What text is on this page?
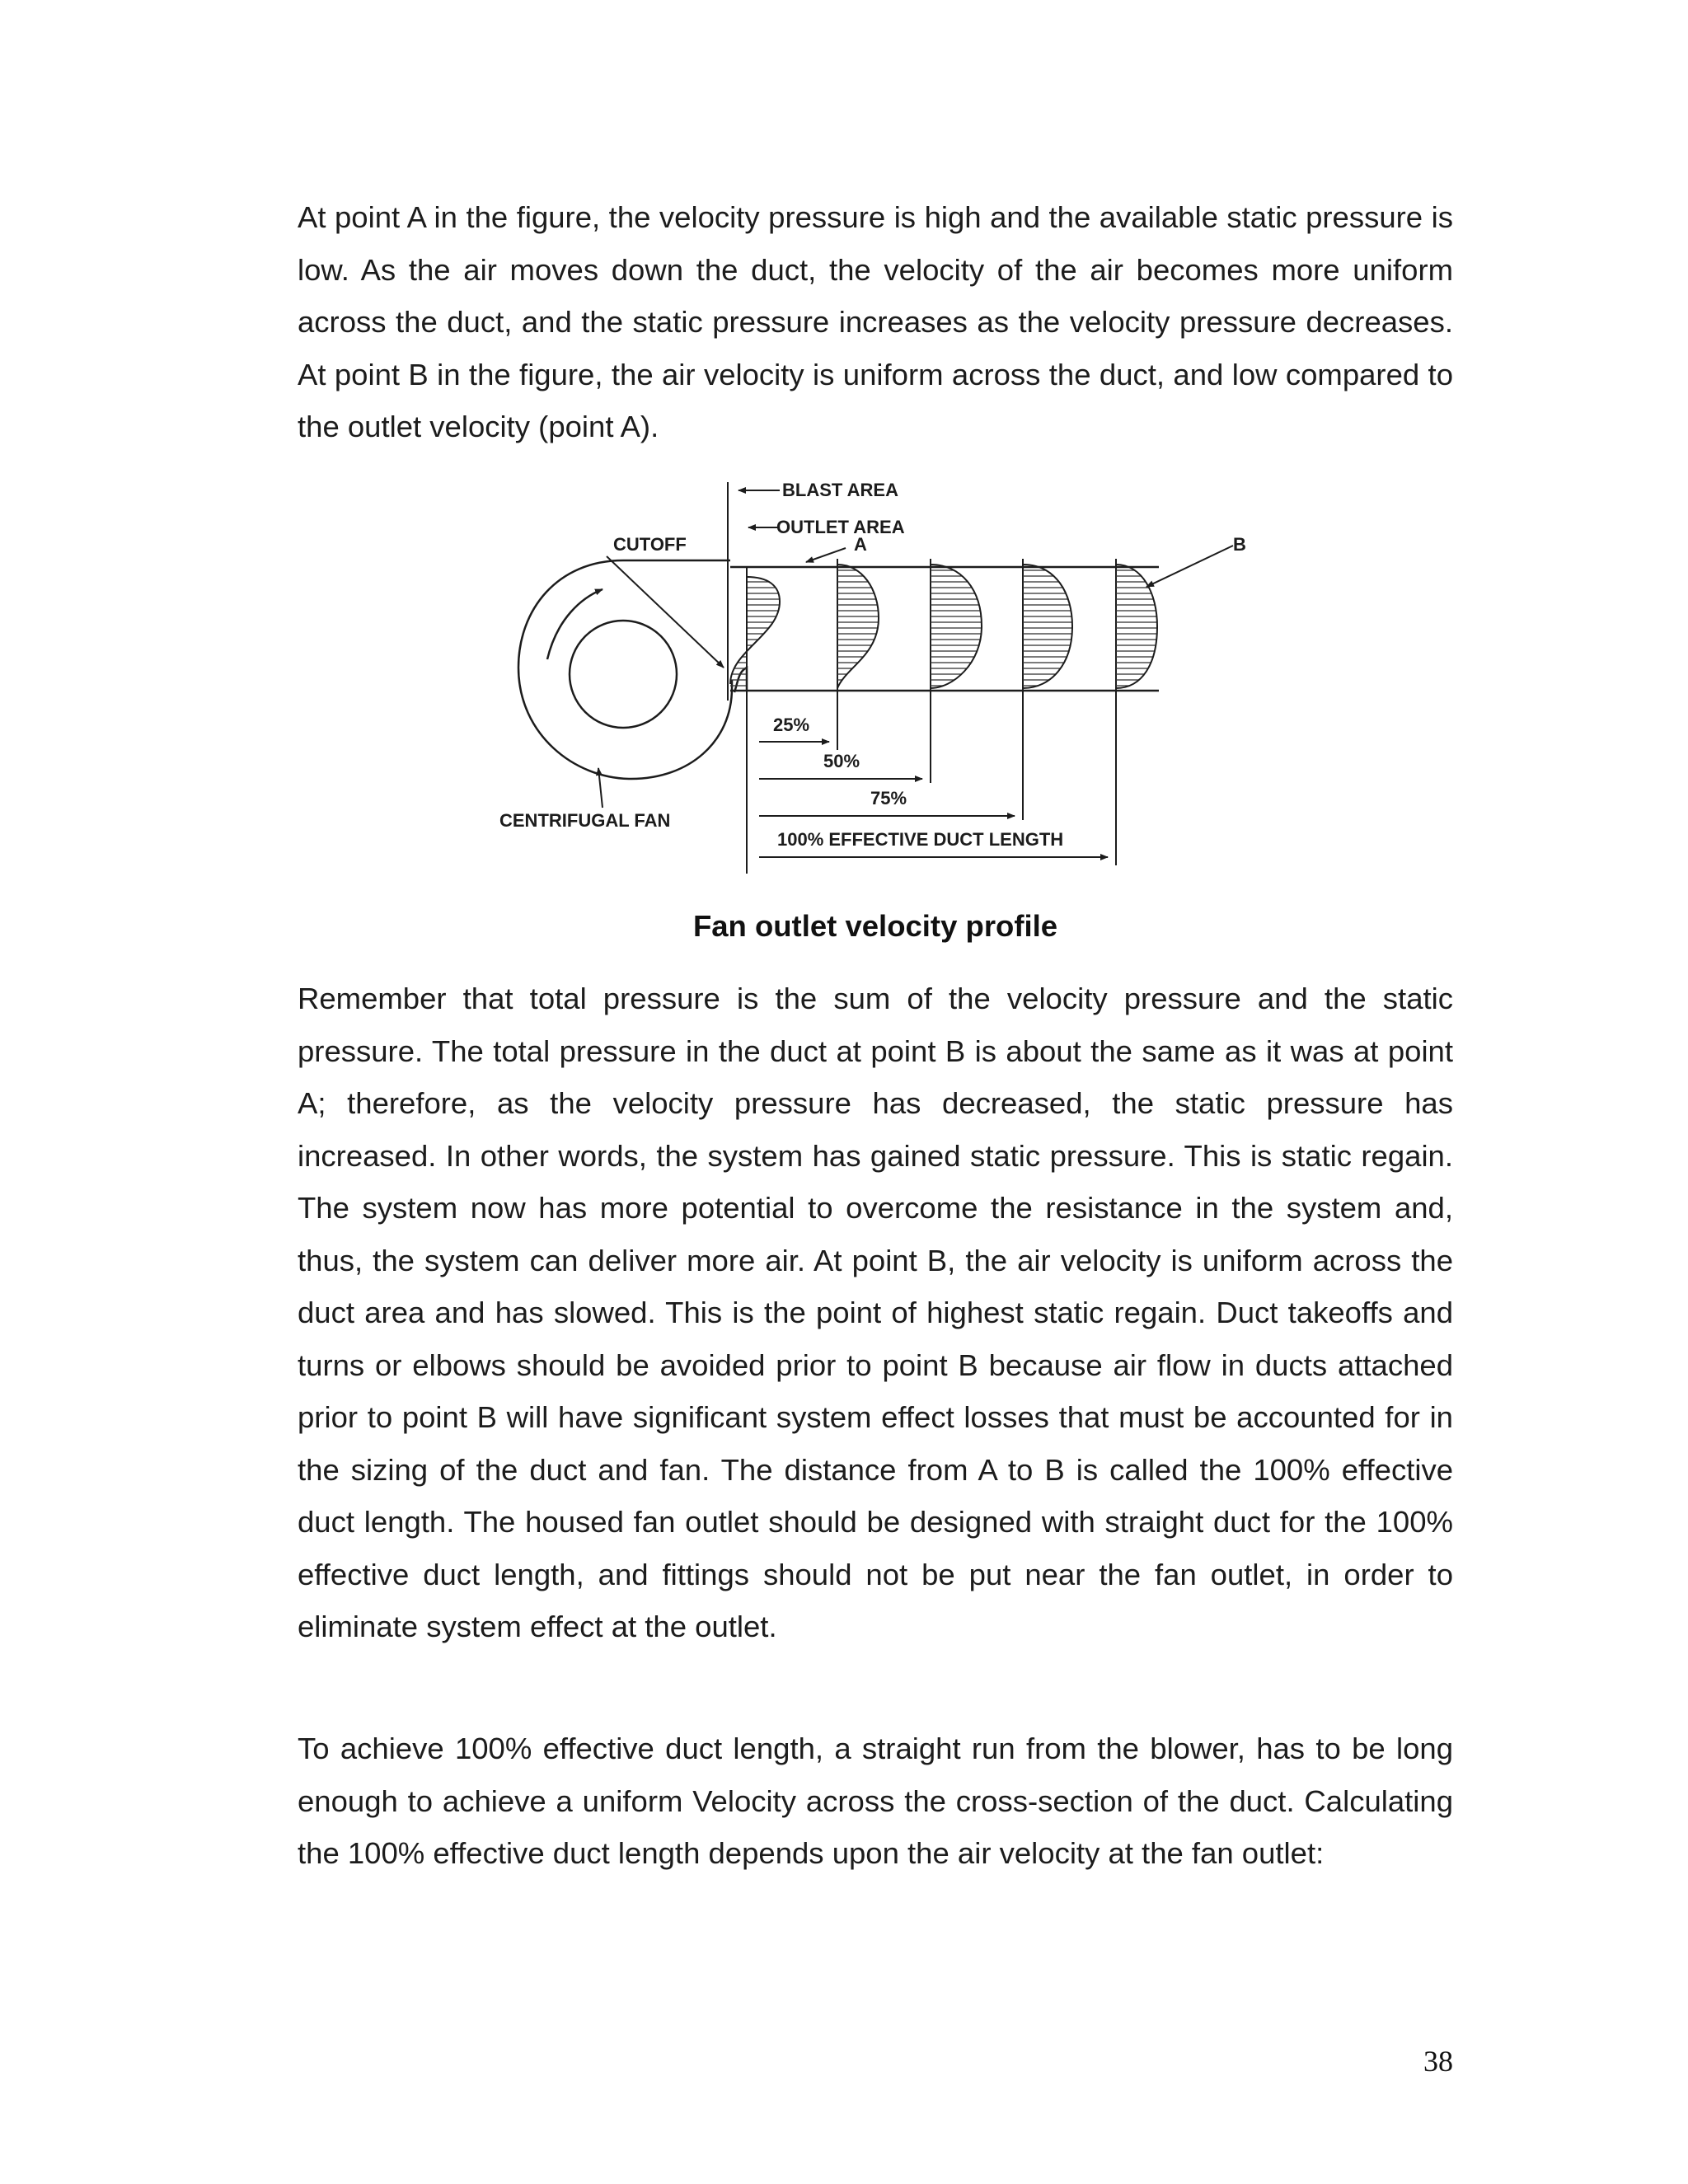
At point A in the figure, the velocity pressure is high and the available static pressure is low. As the air moves down the duct, the velocity of the air becomes more uniform across the duct, and the static pressure increases as the velocity pressure decreases. At point B in the figure, the air velocity is uniform across the duct, and low compared to the outlet velocity (point A).

BLAST AREA
OUTLET AREA
CUTOFF	A	B
CENTRIFUGAL FAN
25%
50%
75%
100% EFFECTIVE DUCT LENGTH
Fan outlet velocity profile

Remember that total pressure is the sum of the velocity pressure and the static pressure. The total pressure in the duct at point B is about the same as it was at point A; therefore, as the velocity pressure has decreased, the static pressure has increased. In other words, the system has gained static pressure. This is static regain. The system now has more potential to overcome the resistance in the system and, thus, the system can deliver more air. At point B, the air velocity is uniform across the duct area and has slowed. This is the point of highest static regain. Duct takeoffs and turns or elbows should be avoided prior to point B because air flow in ducts attached prior to point B will have significant system effect losses that must be accounted for in the sizing of the duct and fan. The distance from A to B is called the 100% effective duct length. The housed fan outlet should be designed with straight duct for the 100% effective duct length, and fittings should not be put near the fan outlet, in order to eliminate system effect at the outlet.

To achieve 100% effective duct length, a straight run from the blower, has to be long enough to achieve a uniform Velocity across the cross-section of the duct. Calculating the 100% effective duct length depends upon the air velocity at the fan outlet:

38
